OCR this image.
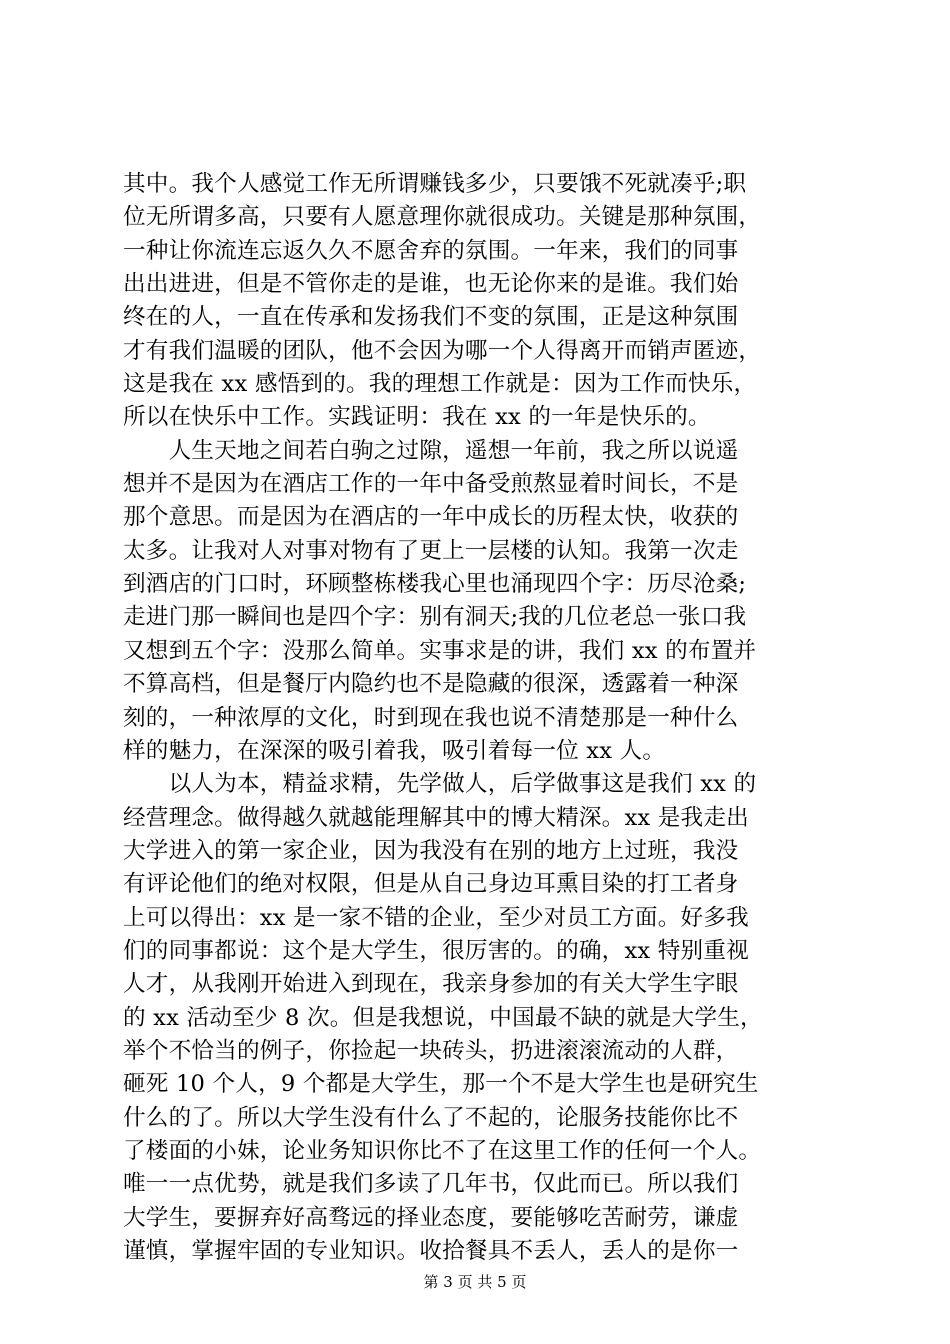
其中。我个人感觉工作无所谓赚钱多少，只要饿不死就凑乎;职
位无所谓多高，只要有人愿意理你就很成功。关键是那种氛围，
一种让你流连忘返久久不愿舍弃的氛围。一年来，我们的同事
出出进进，但是不管你走的是谁，也无论你来的是谁。我们始
终在的人，一直在传承和发扬我们不变的氛围，正是这种氛围
才有我们温暖的团队，他不会因为哪一个人得离开而销声匿迹，
这是我在 xx 感悟到的。我的理想工作就是：因为工作而快乐，
所以在快乐中工作。实践证明：我在 xx 的一年是快乐的。
　　人生天地之间若白驹之过隙，遥想一年前，我之所以说遥
想并不是因为在酒店工作的一年中备受煎熬显着时间长，不是
那个意思。而是因为在酒店的一年中成长的历程太快，收获的
太多。让我对人对事对物有了更上一层楼的认知。我第一次走
到酒店的门口时，环顾整栋楼我心里也涌现四个字：历尽沧桑;
走进门那一瞬间也是四个字：别有洞天;我的几位老总一张口我
又想到五个字：没那么简单。实事求是的讲，我们 xx 的布置并
不算高档，但是餐厅内隐约也不是隐藏的很深，透露着一种深
刻的，一种浓厚的文化，时到现在我也说不清楚那是一种什么
样的魅力，在深深的吸引着我，吸引着每一位 xx 人。
　　以人为本，精益求精，先学做人，后学做事这是我们 xx 的
经营理念。做得越久就越能理解其中的博大精深。xx 是我走出
大学进入的第一家企业，因为我没有在别的地方上过班，我没
有评论他们的绝对权限，但是从自己身边耳熏目染的打工者身
上可以得出：xx 是一家不错的企业，至少对员工方面。好多我
们的同事都说：这个是大学生，很厉害的。的确，xx 特别重视
人才，从我刚开始进入到现在，我亲身参加的有关大学生字眼
的 xx 活动至少 8 次。但是我想说，中国最不缺的就是大学生，
举个不恰当的例子，你捡起一块砖头，扔进滚滚流动的人群，
砸死 10 个人，9 个都是大学生，那一个不是大学生也是研究生
什么的了。所以大学生没有什么了不起的，论服务技能你比不
了楼面的小妹，论业务知识你比不了在这里工作的任何一个人。
唯一一点优势，就是我们多读了几年书，仅此而已。所以我们
大学生，要摒弃好高骛远的择业态度，要能够吃苦耐劳，谦虚
谨慎，掌握牢固的专业知识。收拾餐具不丢人，丢人的是你一
第 3 页 共 5 页
